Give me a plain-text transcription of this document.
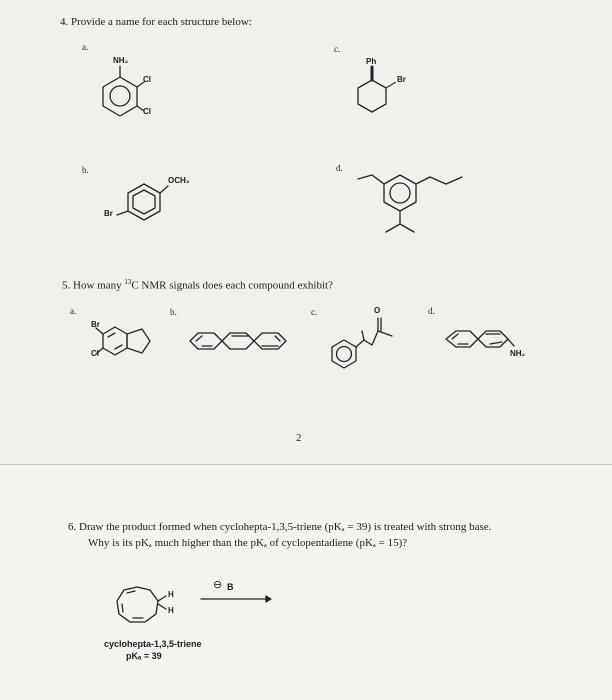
4. Provide a name for each structure below:
a.
NH₂
Cl
Cl
b.
OCH₃
Br
c.
Ph
Br
d.
5. How many $^{13}$C NMR signals does each compound exhibit?
a.
Br
Cl
b.	c.	O	d.
NH₂
2
6. Draw the product formed when cyclohepta-1,3,5-triene (pKₐ = 39) is treated with strong base.
Why is its pKₐ much higher than the pKₐ of cyclopentadiene (pKₐ = 15)?
H
H
⊖ B
cyclohepta-1,3,5-triene
pKₐ = 39
